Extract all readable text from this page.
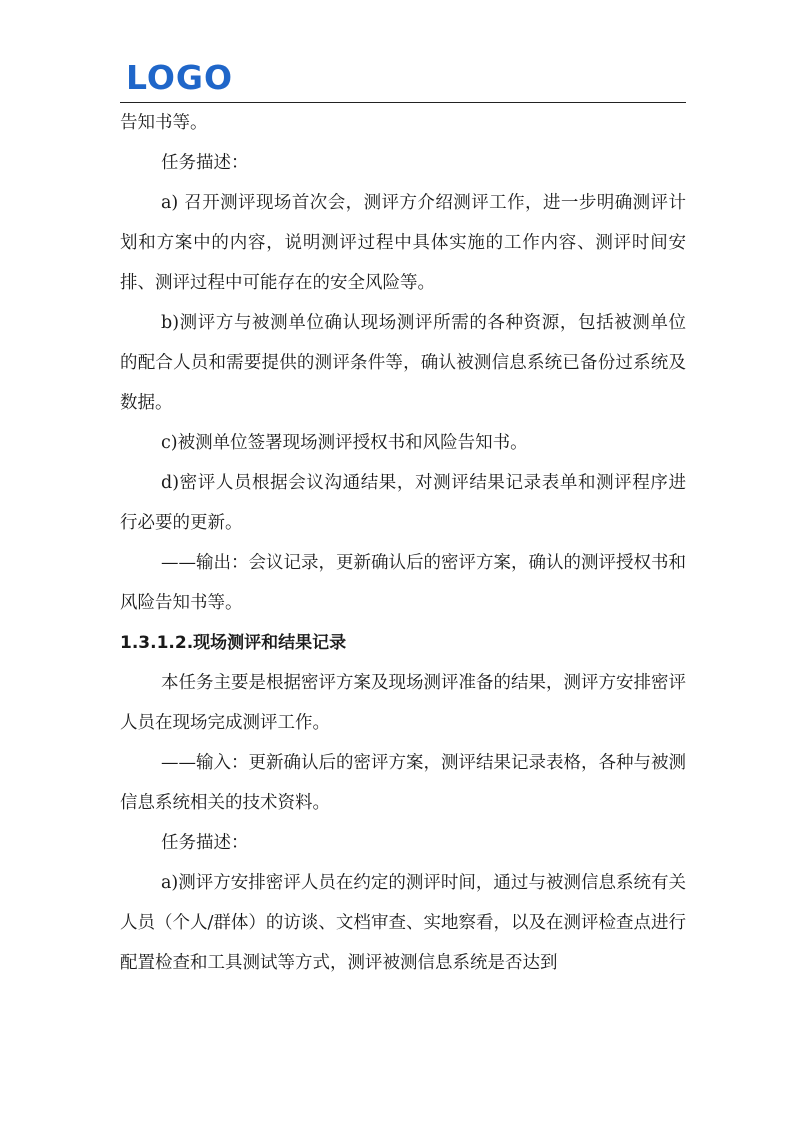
LOGO

告知书等。

任务描述：

a) 召开测评现场首次会，测评方介绍测评工作，进一步明确测评计划和方案中的内容，说明测评过程中具体实施的工作内容、测评时间安排、测评过程中可能存在的安全风险等。

b)测评方与被测单位确认现场测评所需的各种资源，包括被测单位的配合人员和需要提供的测评条件等，确认被测信息系统已备份过系统及数据。

c)被测单位签署现场测评授权书和风险告知书。

d)密评人员根据会议沟通结果，对测评结果记录表单和测评程序进行必要的更新。

——输出：会议记录，更新确认后的密评方案，确认的测评授权书和风险告知书等。

1.3.1.2.现场测评和结果记录

本任务主要是根据密评方案及现场测评准备的结果，测评方安排密评人员在现场完成测评工作。

——输入：更新确认后的密评方案，测评结果记录表格，各种与被测信息系统相关的技术资料。

任务描述：

a)测评方安排密评人员在约定的测评时间，通过与被测信息系统有关人员（个人/群体）的访谈、文档审查、实地察看，以及在测评检查点进行配置检查和工具测试等方式，测评被测信息系统是否达到
